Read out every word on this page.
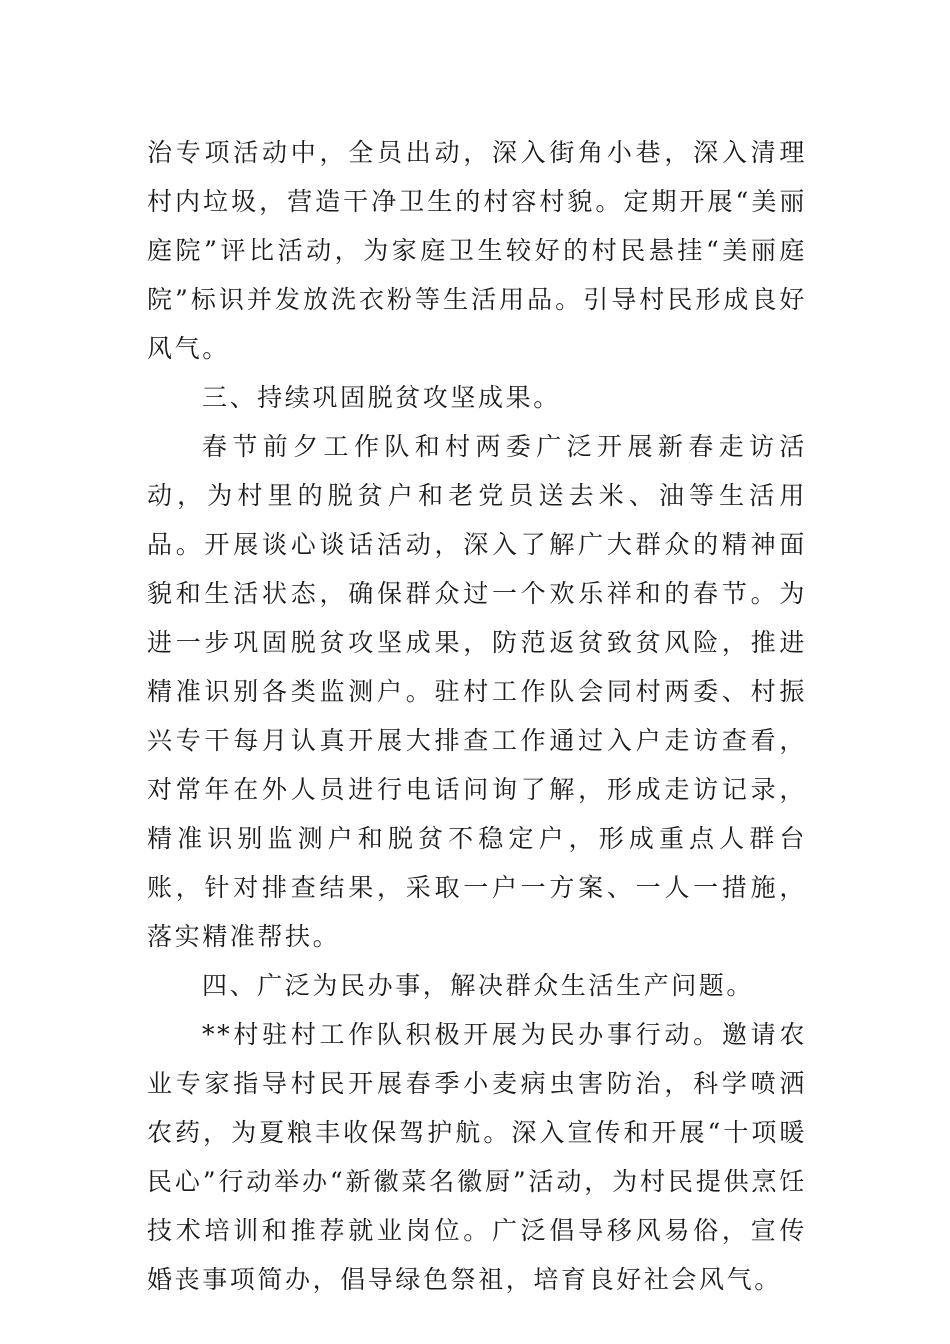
治专项活动中，全员出动，深入街角小巷，深入清理村内垃圾，营造干净卫生的村容村貌。定期开展“美丽庭院”评比活动，为家庭卫生较好的村民悬挂“美丽庭院”标识并发放洗衣粉等生活用品。引导村民形成良好风气。

三、持续巩固脱贫攻坚成果。

春节前夕工作队和村两委广泛开展新春走访活动，为村里的脱贫户和老党员送去米、油等生活用品。开展谈心谈话活动，深入了解广大群众的精神面貌和生活状态，确保群众过一个欢乐祥和的春节。为进一步巩固脱贫攻坚成果，防范返贫致贫风险，推进精准识别各类监测户。驻村工作队会同村两委、村振兴专干每月认真开展大排查工作通过入户走访查看，对常年在外人员进行电话问询了解，形成走访记录，精准识别监测户和脱贫不稳定户，形成重点人群台账，针对排查结果，采取一户一方案、一人一措施，落实精准帮扶。

四、广泛为民办事，解决群众生活生产问题。

**村驻村工作队积极开展为民办事行动。邀请农业专家指导村民开展春季小麦病虫害防治，科学喷洒农药，为夏粮丰收保驾护航。深入宣传和开展“十项暖民心”行动举办“新徽菜名徽厨”活动，为村民提供烹饪技术培训和推荐就业岗位。广泛倡导移风易俗，宣传婚丧事项简办，倡导绿色祭祖，培育良好社会风气。
